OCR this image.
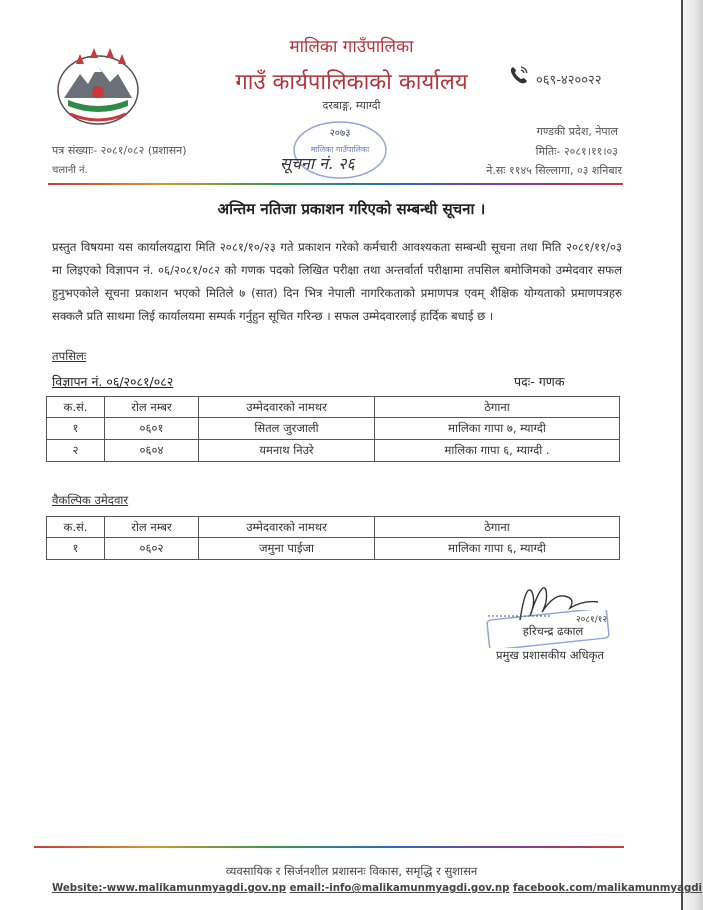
मालिका गाउँपालिका
गाउँ कार्यपालिकाको कार्यालय
दरबाङ्ग, म्याग्दी
०६९-४२००२२
पत्र संख्याः- २०८१/०८२ (प्रशासन)
चलानी नं.
गण्डकी प्रदेश, नेपाल
मितिः- २०८१।११।०३
ने.सः ११४५ सिल्लागा, ०३ शनिबार
२०७३
मालिका गाउँपालिका
सूचना नं. २६
अन्तिम नतिजा प्रकाशन गरिएको सम्बन्धी सूचना ।
प्रस्तुत विषयमा यस कार्यालयद्वारा मिति २०८१/१०/२३ गते प्रकाशन गरेको कर्मचारी आवश्यकता सम्बन्धी सूचना तथा मिति २०८१/११/०३ मा लिइएको विज्ञापन नं. ०६/२०८१/०८२ को गणक पदको लिखित परीक्षा तथा अन्तर्वार्ता परीक्षामा तपसिल बमोजिमको उम्मेदवार सफल हुनुभएकोले सूचना प्रकाशन भएको मितिले ७ (सात) दिन भित्र नेपाली नागरिकताको प्रमाणपत्र एवम् शैक्षिक योग्यताको प्रमाणपत्रहरु सक्कलै प्रति साथमा लिई कार्यालयमा सम्पर्क गर्नुहुन सूचित गरिन्छ । सफल उम्मेदवारलाई हार्दिक बधाई छ ।
तपसिलः
विज्ञापन नं. ०६/२०८१/०८२	पदः- गणक
क.सं.	रोल नम्बर	उम्मेदवारको नामथर	ठेगाना
१	०६०१	सितल जुरजाली	मालिका गापा ७, म्याग्दी
२	०६०४	यमनाथ निउरे	मालिका गापा ६, म्याग्दी .
वैकल्पिक उमेदवार
क.सं.	रोल नम्बर	उम्मेदवारको नामथर	ठेगाना
१	०६०२	जमुना पाईजा	मालिका गापा ६, म्याग्दी
२०८१/१२
हरिचन्द्र ढकाल
प्रमुख प्रशासकीय अधिकृत
व्यवसायिक र सिर्जनशील प्रशासनः विकास, समृद्धि र सुशासन
Website:-www.malikamunmyagdi.gov.np email:-info@malikamunmyagdi.gov.np facebook.com/malikamunmyagdi
